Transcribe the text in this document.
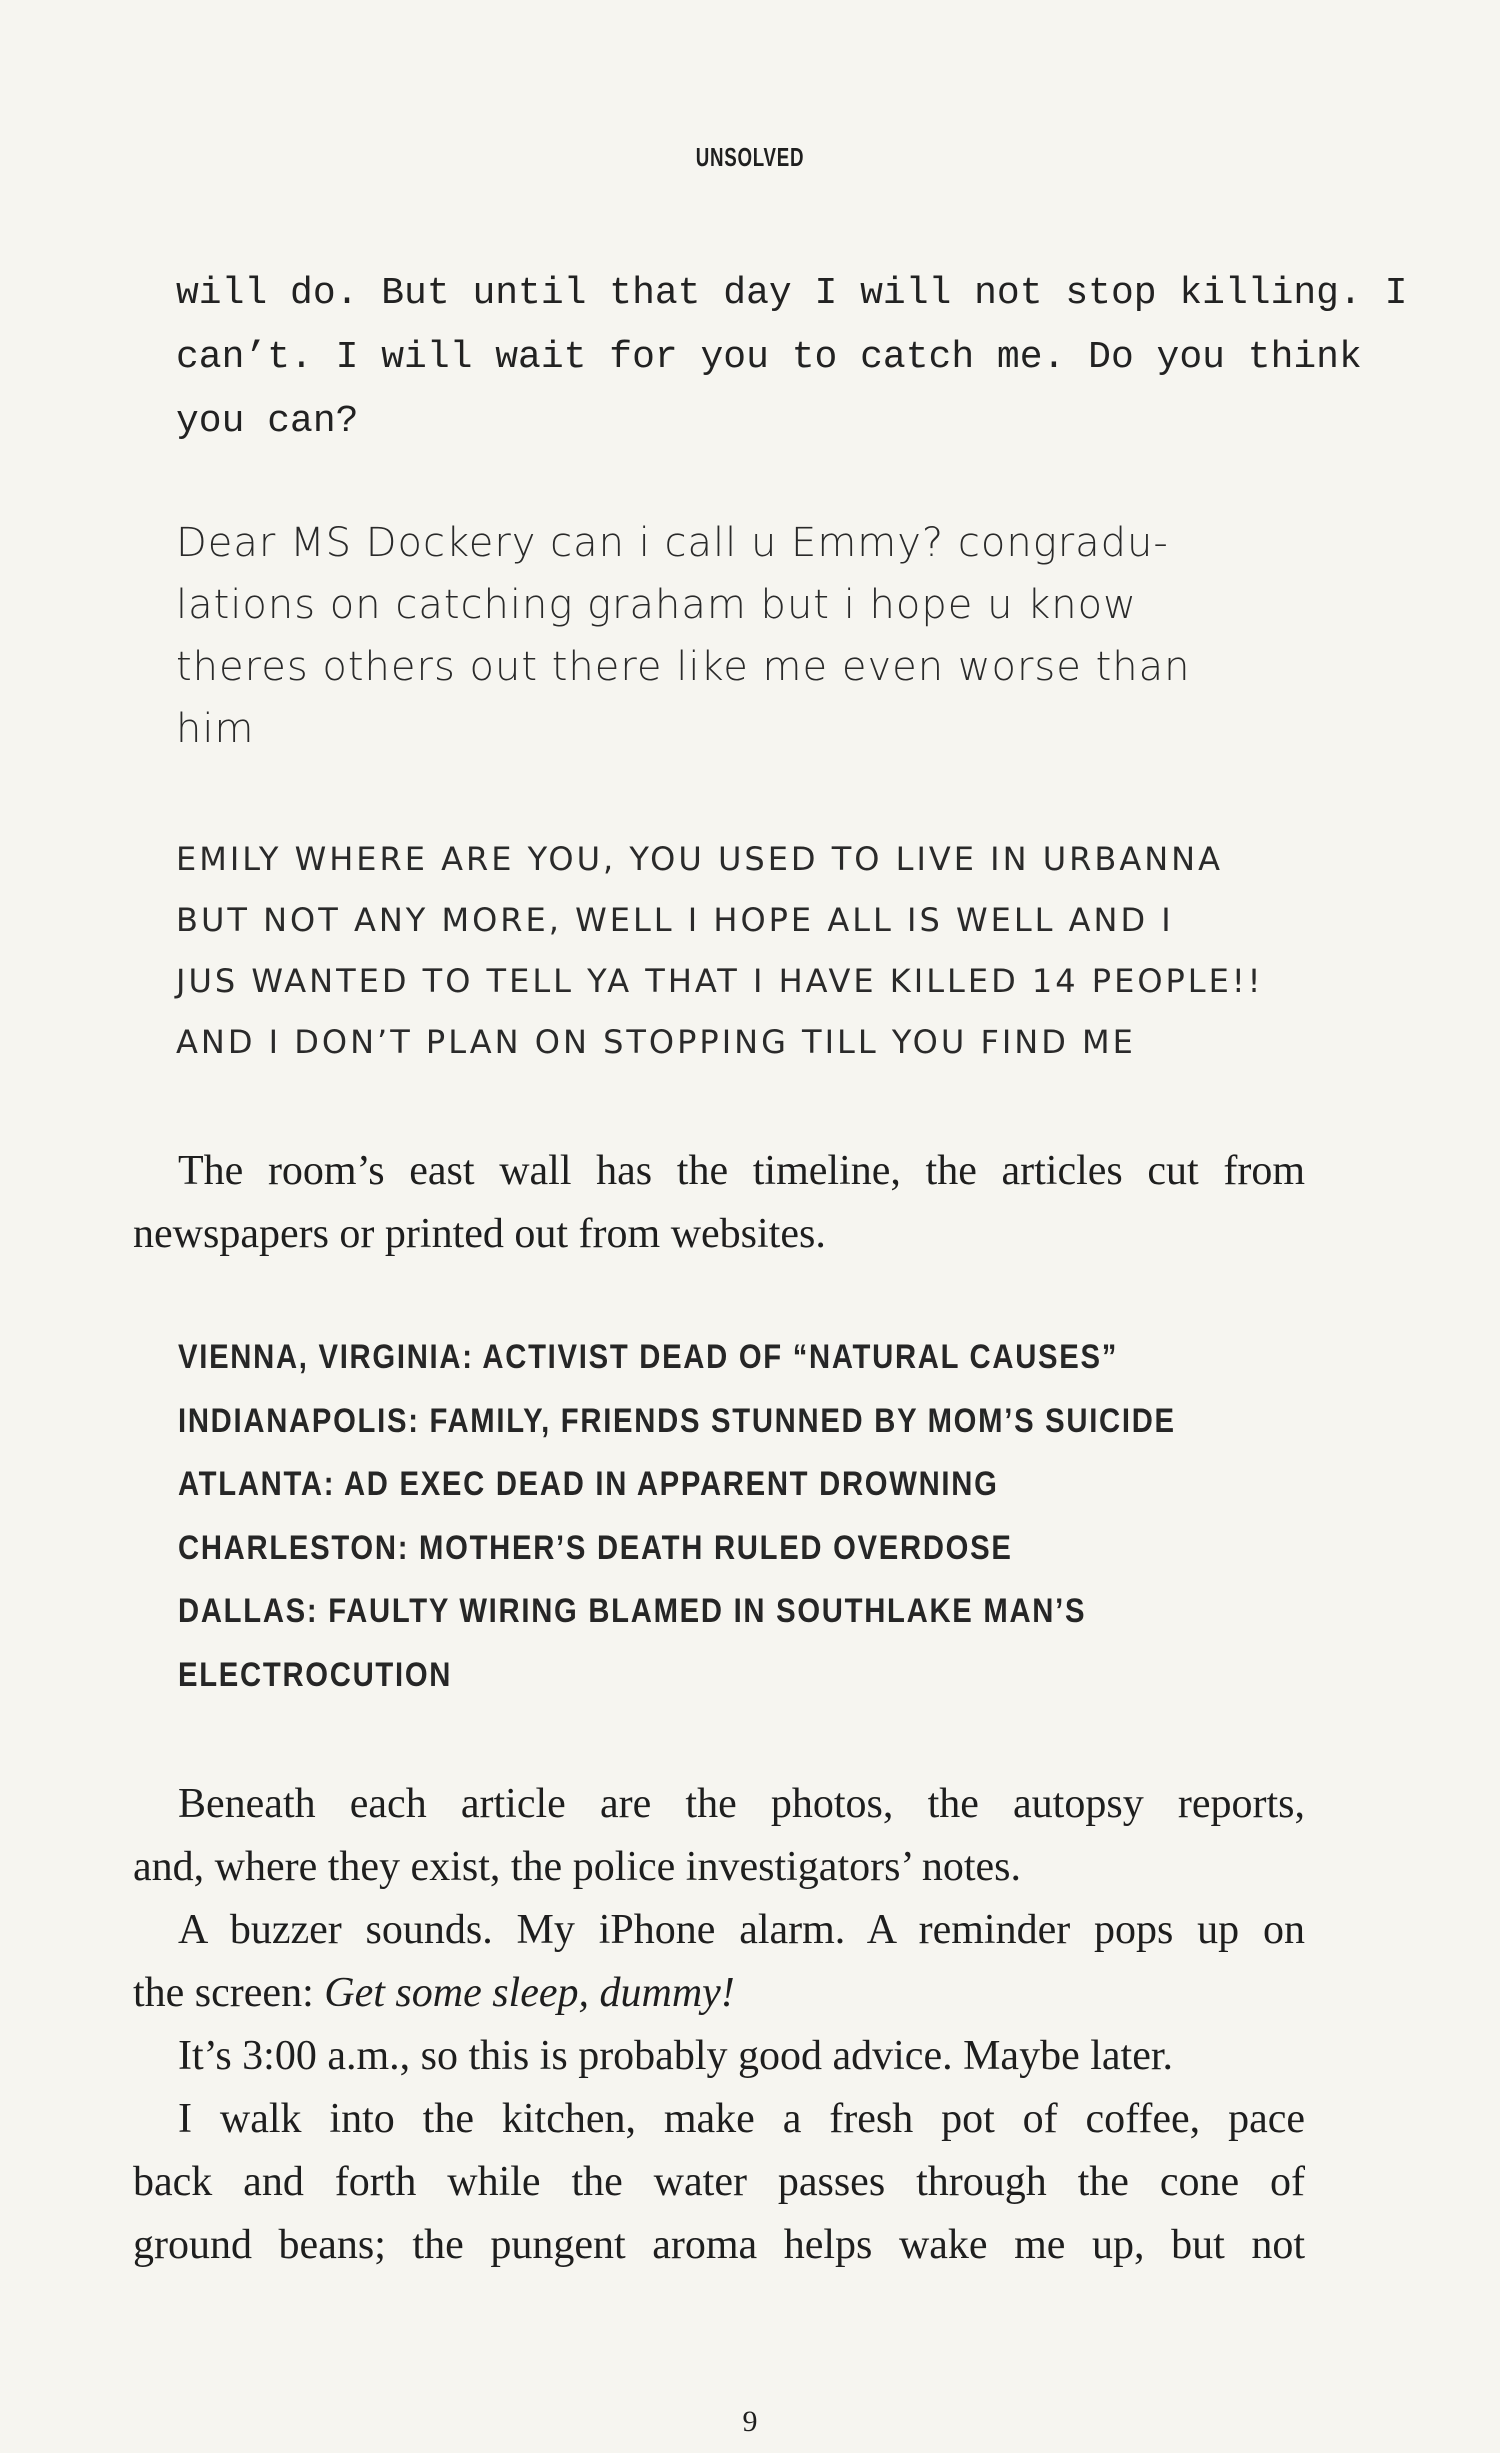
UNSOLVED
will do. But until that day I will not stop killing. I
can’t. I will wait for you to catch me. Do you think
you can?
Dear MS Dockery can i call u Emmy? congradu-
lations on catching graham but i hope u know
theres others out there like me even worse than
him
EMILY WHERE ARE YOU, YOU USED TO LIVE IN URBANNA
BUT NOT ANY MORE, WELL I HOPE ALL IS WELL AND I
JUS WANTED TO TELL YA THAT I HAVE KILLED 14 PEOPLE!!
AND I DON’T PLAN ON STOPPING TILL YOU FIND ME
The room’s east wall has the timeline, the articles cut from
newspapers or printed out from websites.
VIENNA, VIRGINIA: ACTIVIST DEAD OF “NATURAL CAUSES”
INDIANAPOLIS: FAMILY, FRIENDS STUNNED BY MOM’S SUICIDE
ATLANTA: AD EXEC DEAD IN APPARENT DROWNING
CHARLESTON: MOTHER’S DEATH RULED OVERDOSE
DALLAS: FAULTY WIRING BLAMED IN SOUTHLAKE MAN’S
ELECTROCUTION
Beneath each article are the photos, the autopsy reports,
and, where they exist, the police investigators’ notes.
A buzzer sounds. My iPhone alarm. A reminder pops up on
the screen: Get some sleep, dummy!
It’s 3:00 a.m., so this is probably good advice. Maybe later.
I walk into the kitchen, make a fresh pot of coffee, pace
back and forth while the water passes through the cone of
ground beans; the pungent aroma helps wake me up, but not
9
